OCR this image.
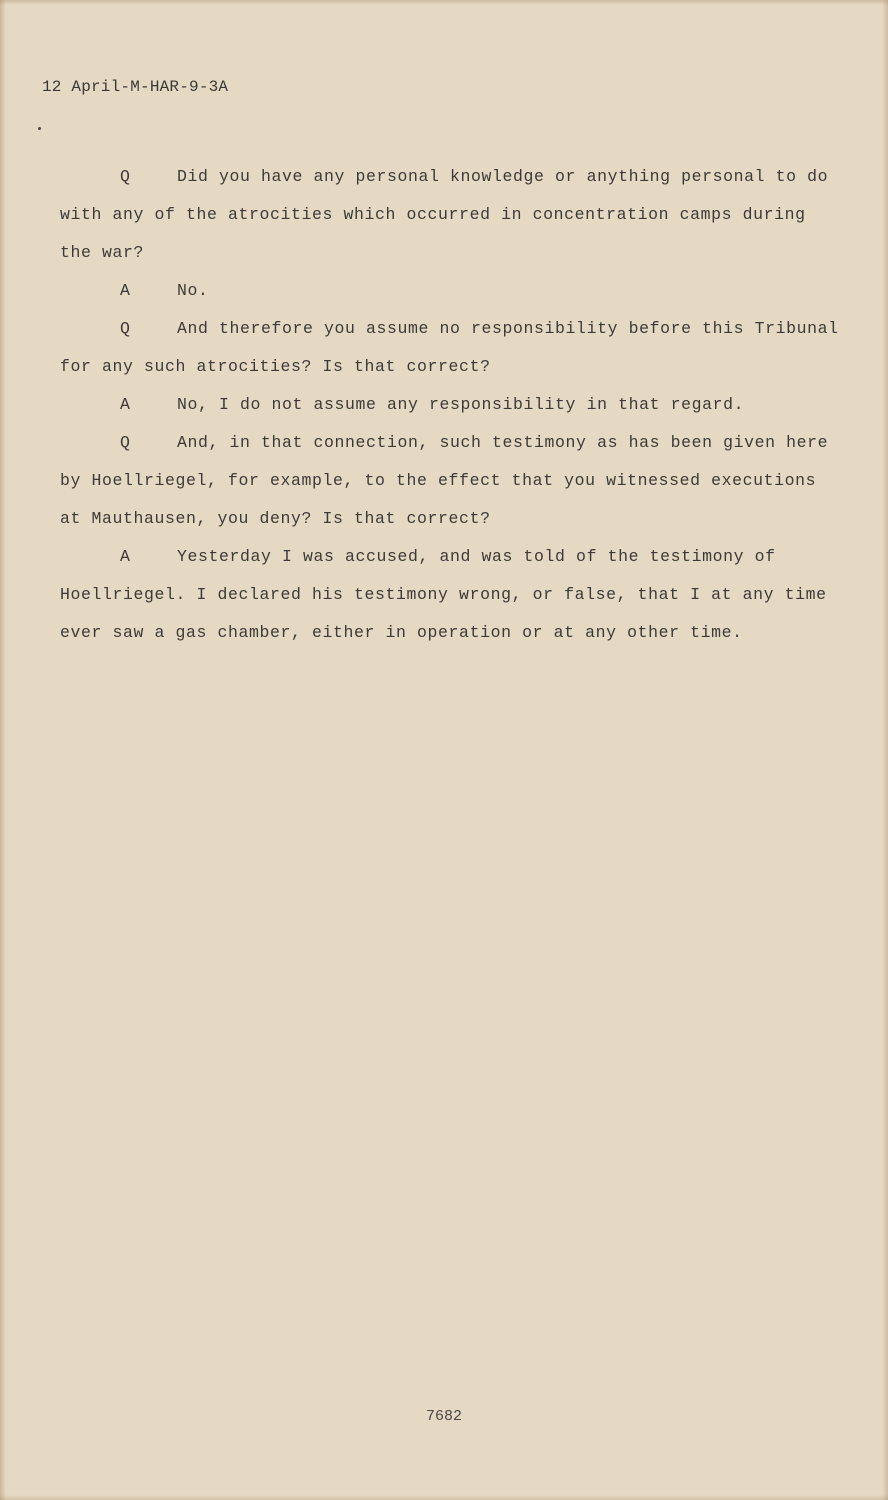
12 April-M-HAR-9-3A

Q	Did you have any personal knowledge or anything personal to do with any of the atrocities which occurred in concentration camps during the war?

A	No.

Q	And therefore you assume no responsibility before this Tribunal for any such atrocities? Is that correct?

A	No, I do not assume any responsibility in that regard.

Q	And, in that connection, such testimony as has been given here by Hoellriegel, for example, to the effect that you witnessed executions at Mauthausen, you deny? Is that correct?

A	Yesterday I was accused, and was told of the testimony of Hoellriegel. I declared his testimony wrong, or false, that I at any time ever saw a gas chamber, either in operation or at any other time.

7682
